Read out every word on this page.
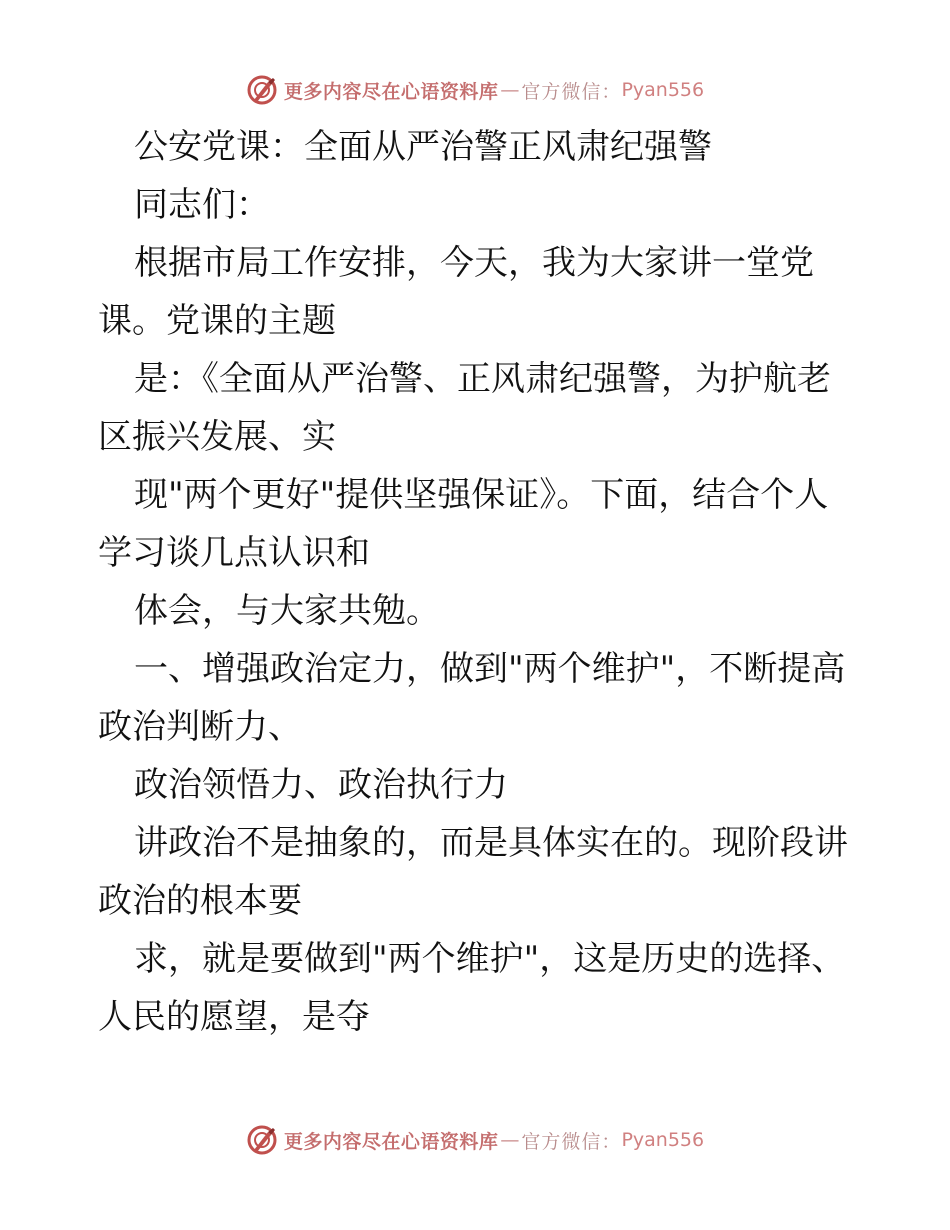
更多内容尽在心语资料库 — 官方微信： Pyan556

公安党课：全面从严治警正风肃纪强警

同志们：

根据市局工作安排，今天，我为大家讲一堂党

课。党课的主题

是：《全面从严治警、正风肃纪强警，为护航老

区振兴发展、实

现"两个更好"提供坚强保证》。下面，结合个人

学习谈几点认识和

体会，与大家共勉。

一、增强政治定力，做到"两个维护"，不断提高

政治判断力、

政治领悟力、政治执行力

讲政治不是抽象的，而是具体实在的。现阶段讲

政治的根本要

求，就是要做到"两个维护"，这是历史的选择、

人民的愿望，是夺

更多内容尽在心语资料库 — 官方微信： Pyan556
